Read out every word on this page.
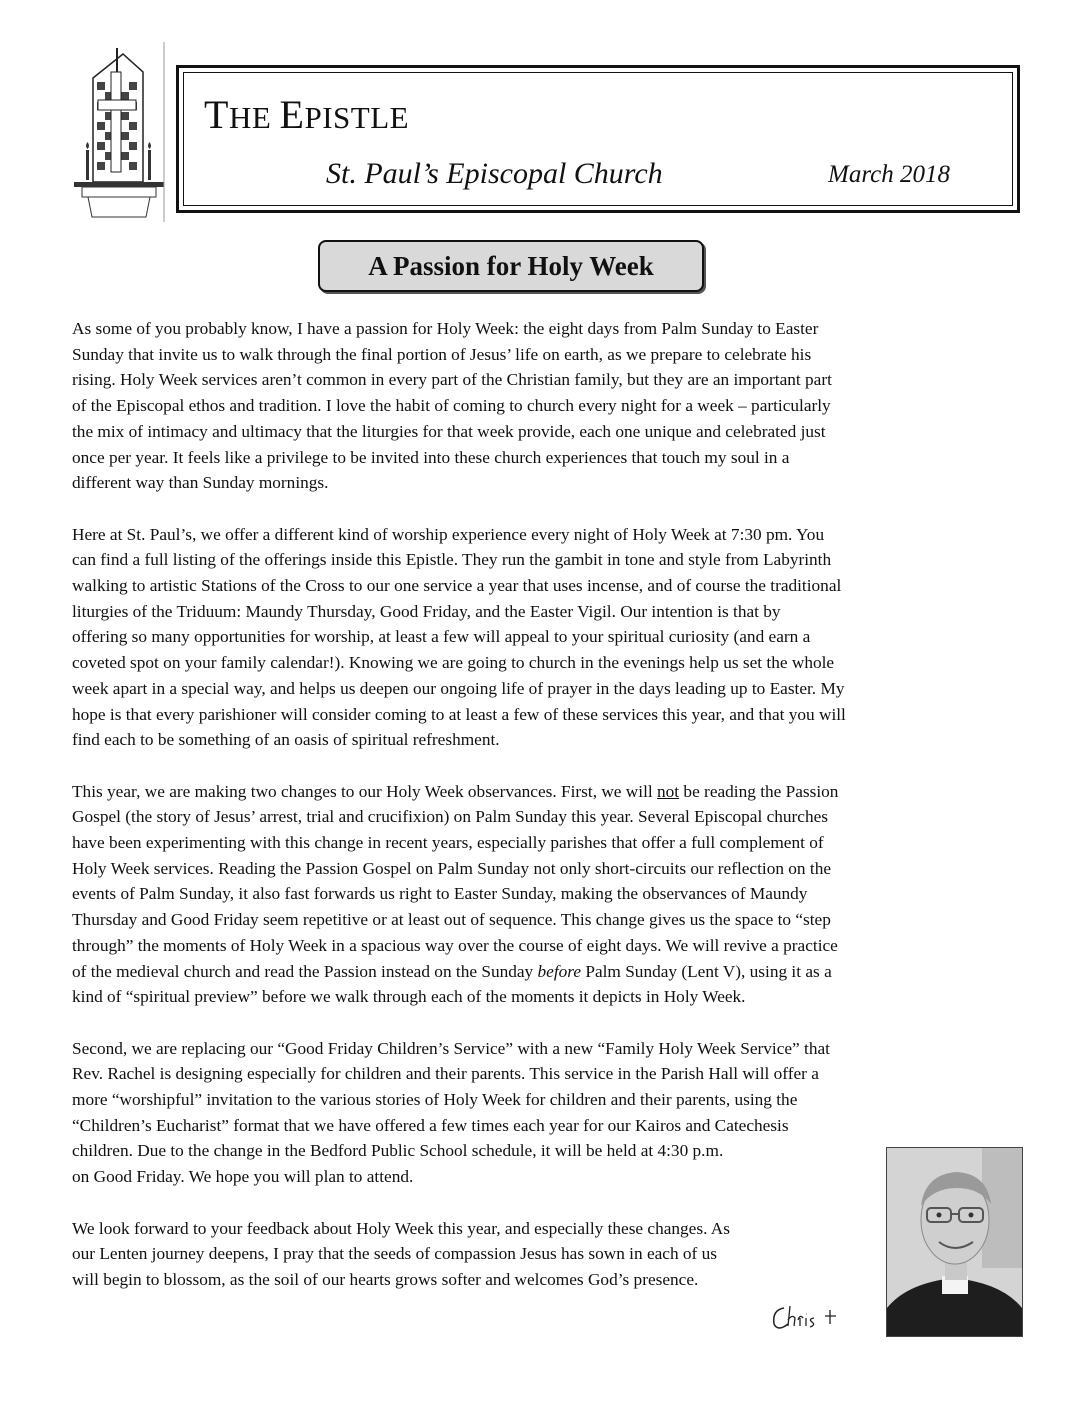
THE EPISTLE
St. Paul’s Episcopal Church	March 2018
A Passion for Holy Week

As some of you probably know, I have a passion for Holy Week: the eight days from Palm Sunday to Easter
Sunday that invite us to walk through the final portion of Jesus’ life on earth, as we prepare to celebrate his
rising. Holy Week services aren’t common in every part of the Christian family, but they are an important part
of the Episcopal ethos and tradition. I love the habit of coming to church every night for a week – particularly
the mix of intimacy and ultimacy that the liturgies for that week provide, each one unique and celebrated just
once per year. It feels like a privilege to be invited into these church experiences that touch my soul in a
different way than Sunday mornings.

Here at St. Paul’s, we offer a different kind of worship experience every night of Holy Week at 7:30 pm. You
can find a full listing of the offerings inside this Epistle. They run the gambit in tone and style from Labyrinth
walking to artistic Stations of the Cross to our one service a year that uses incense, and of course the traditional
liturgies of the Triduum: Maundy Thursday, Good Friday, and the Easter Vigil. Our intention is that by
offering so many opportunities for worship, at least a few will appeal to your spiritual curiosity (and earn a
coveted spot on your family calendar!). Knowing we are going to church in the evenings help us set the whole
week apart in a special way, and helps us deepen our ongoing life of prayer in the days leading up to Easter. My
hope is that every parishioner will consider coming to at least a few of these services this year, and that you will
find each to be something of an oasis of spiritual refreshment.

This year, we are making two changes to our Holy Week observances. First, we will not be reading the Passion
Gospel (the story of Jesus’ arrest, trial and crucifixion) on Palm Sunday this year. Several Episcopal churches
have been experimenting with this change in recent years, especially parishes that offer a full complement of
Holy Week services. Reading the Passion Gospel on Palm Sunday not only short-circuits our reflection on the
events of Palm Sunday, it also fast forwards us right to Easter Sunday, making the observances of Maundy
Thursday and Good Friday seem repetitive or at least out of sequence. This change gives us the space to “step
through” the moments of Holy Week in a spacious way over the course of eight days. We will revive a practice
of the medieval church and read the Passion instead on the Sunday before Palm Sunday (Lent V), using it as a
kind of “spiritual preview” before we walk through each of the moments it depicts in Holy Week.

Second, we are replacing our “Good Friday Children’s Service” with a new “Family Holy Week Service” that
Rev. Rachel is designing especially for children and their parents. This service in the Parish Hall will offer a
more “worshipful” invitation to the various stories of Holy Week for children and their parents, using the
“Children’s Eucharist” format that we have offered a few times each year for our Kairos and Catechesis
children. Due to the change in the Bedford Public School schedule, it will be held at 4:30 p.m.
on Good Friday. We hope you will plan to attend.

We look forward to your feedback about Holy Week this year, and especially these changes. As
our Lenten journey deepens, I pray that the seeds of compassion Jesus has sown in each of us
will begin to blossom, as the soil of our hearts grows softer and welcomes God’s presence.
